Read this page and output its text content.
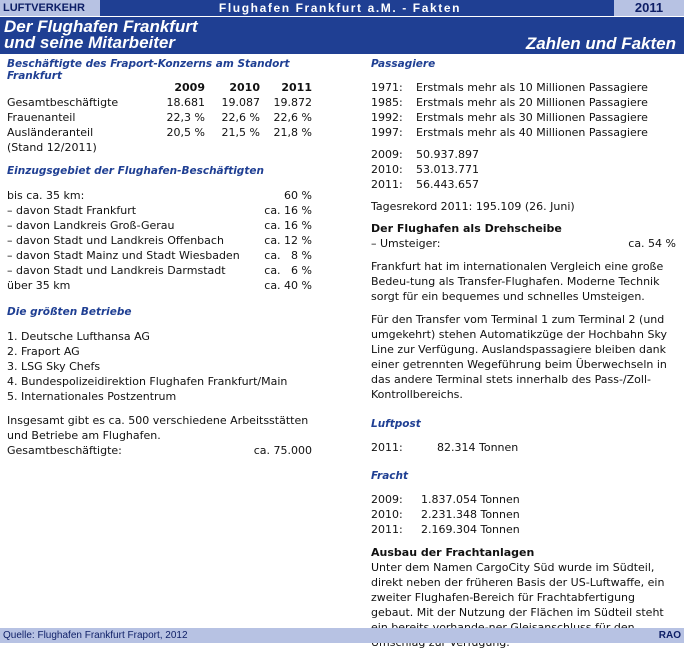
LUFTVERKEHR	Flughafen Frankfurt a.M. - Fakten	2011
Der Flughafen Frankfurt
und seine Mitarbeiter	Zahlen und Fakten
Beschäftigte des Fraport-Konzerns am Standort Frankfurt
2009	2010	2011
Gesamtbeschäftigte	18.681	19.087	19.872
Frauenanteil	22,3 %	22,6 %	22,6 %
Ausländeranteil	20,5 %	21,5 %	21,8 %
(Stand 12/2011)
Einzugsgebiet der Flughafen-Beschäftigten
bis ca. 35 km:	60 %
– davon Stadt Frankfurt	ca. 16 %
– davon Landkreis Groß-Gerau	ca. 16 %
– davon Stadt und Landkreis Offenbach	ca. 12 %
– davon Stadt Mainz und Stadt Wiesbaden ca.   8 %
– davon Stadt und Landkreis Darmstadt	ca.   6 %
über 35 km	ca. 40 %
Die größten Betriebe
1. Deutsche Lufthansa AG
2. Fraport AG
3. LSG Sky Chefs
4. Bundespolizeidirektion Flughafen Frankfurt/Main
5. Internationales Postzentrum

Insgesamt gibt es ca. 500 verschiedene Arbeitsstätten und Betriebe am Flughafen.

Gesamtbeschäftigte:	ca. 75.000
Passagiere
1971: Erstmals mehr als 10 Millionen Passagiere
1985: Erstmals mehr als 20 Millionen Passagiere
1992: Erstmals mehr als 30 Millionen Passagiere
1997: Erstmals mehr als 40 Millionen Passagiere
2009: 50.937.897
2010: 53.013.771
2011: 56.443.657
Tagesrekord 2011: 195.109 (26. Juni)
Der Flughafen als Drehscheibe
– Umsteiger:	ca. 54 %

Frankfurt hat im internationalen Vergleich eine große Bedeu-tung als Transfer-Flughafen. Moderne Technik sorgt für ein bequemes und schnelles Umsteigen.

Für den Transfer vom Terminal 1 zum Terminal 2 (und umgekehrt) stehen Automatikzüge der Hochbahn Sky Line zur Verfügung. Auslandspassagiere bleiben dank einer getrennten Wegeführung beim Überwechseln in das andere Terminal stets innerhalb des Pass-/Zoll-Kontrollbereichs.

Luftpost
2011:	82.314 Tonnen
Fracht
2009: 1.837.054 Tonnen
2010: 2.231.348 Tonnen
2011: 2.169.304 Tonnen
Ausbau der Frachtanlagen

Unter dem Namen CargoCity Süd wurde im Südteil, direkt neben der früheren Basis der US-Luftwaffe, ein zweiter Flughafen-Bereich für Frachtabfertigung gebaut. Mit der Nutzung der Flächen im Südteil steht

Quelle: Flughafen Frankfurt Fraport, 2012	RAO
